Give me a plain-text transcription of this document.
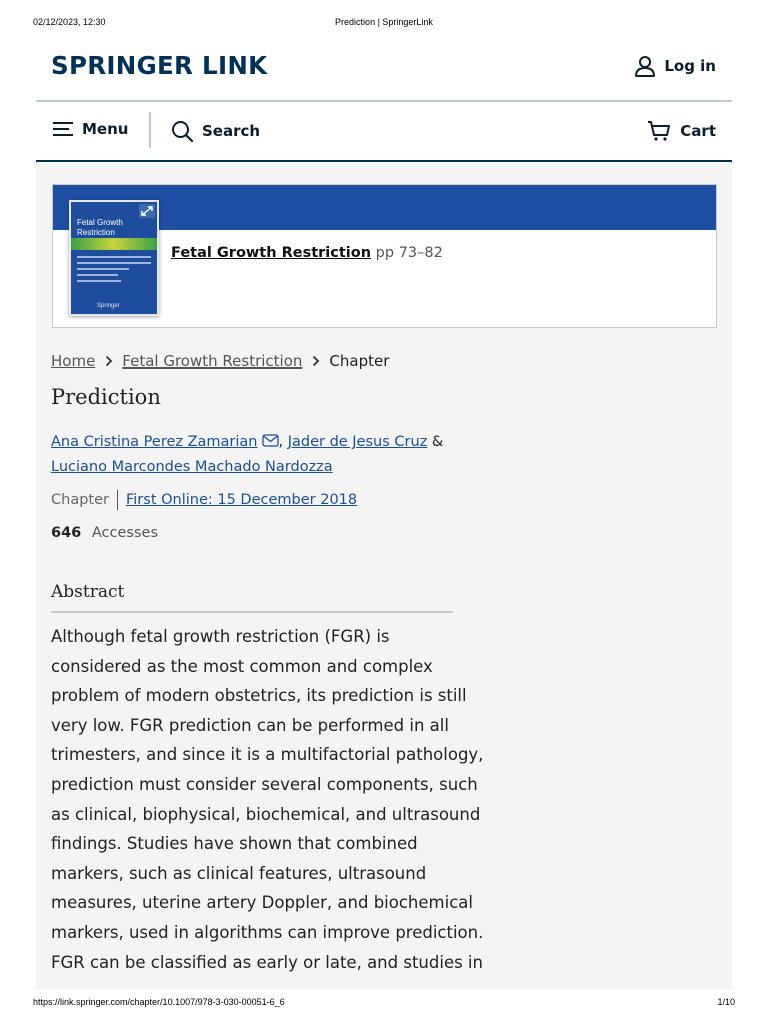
02/12/2023, 12:30	Prediction | SpringerLink
SPRINGER LINK	Log in
Menu	Search	Cart
Fetal Growth Restriction
Springer
Fetal Growth Restriction pp 73–82
Home Fetal Growth Restriction Chapter
Prediction
Ana Cristina Perez Zamarian , Jader de Jesus Cruz &
Luciano Marcondes Machado Nardozza
Chapter First Online: 15 December 2018
646 Accesses
Abstract
Although fetal growth restriction (FGR) is
considered as the most common and complex
problem of modern obstetrics, its prediction is still
very low. FGR prediction can be performed in all
trimesters, and since it is a multifactorial pathology,
prediction must consider several components, such
as clinical, biophysical, biochemical, and ultrasound
findings. Studies have shown that combined
markers, such as clinical features, ultrasound
measures, uterine artery Doppler, and biochemical
markers, used in algorithms can improve prediction.
FGR can be classified as early or late, and studies in
https://link.springer.com/chapter/10.1007/978-3-030-00051-6_6	1/10
